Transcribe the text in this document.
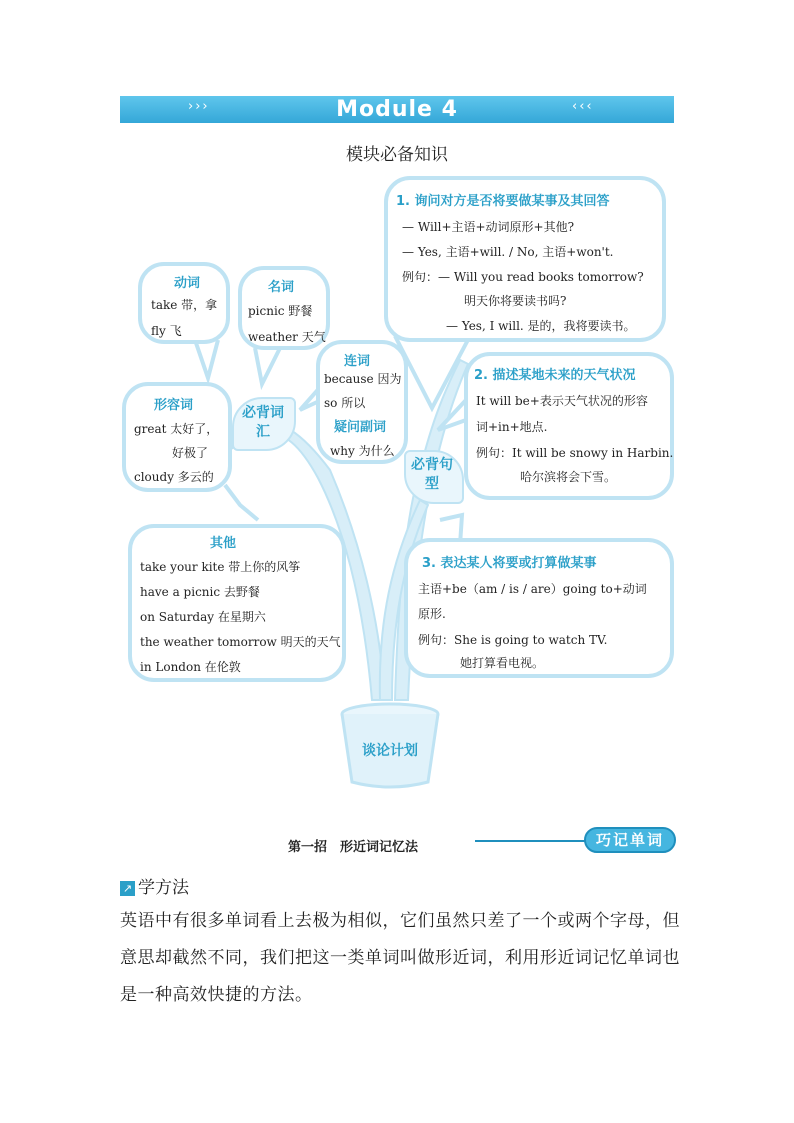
›››	Module 4	‹‹‹
模块必备知识
谈论计划
动词
take 带，拿
fly 飞
名词
picnic 野餐
weather 天气
连词
because 因为
so 所以
疑问副词
why 为什么
形容词
great 太好了，
好极了
cloudy 多云的
必背词汇
其他
take your kite 带上你的风筝
have a picnic 去野餐
on Saturday 在星期六
the weather tomorrow 明天的天气
in London 在伦敦
1. 询问对方是否将要做某事及其回答
— Will+主语+动词原形+其他?
— Yes, 主语+will. / No, 主语+won't.
例句：— Will you read books tomorrow?
明天你将要读书吗?
— Yes, I will. 是的，我将要读书。
2. 描述某地未来的天气状况
It will be+表示天气状况的形容
词+in+地点.
例句：It will be snowy in Harbin.
哈尔滨将会下雪。
必背句型
3. 表达某人将要或打算做某事
主语+be（am / is / are）going to+动词
原形.
例句：She is going to watch TV.
她打算看电视。
第一招　形近词记忆法	巧记单词
↗ 学方法
英语中有很多单词看上去极为相似，它们虽然只差了一个或两个字母，但意思却截然不同，我们把这一类单词叫做形近词，利用形近词记忆单词也是一种高效快捷的方法。
